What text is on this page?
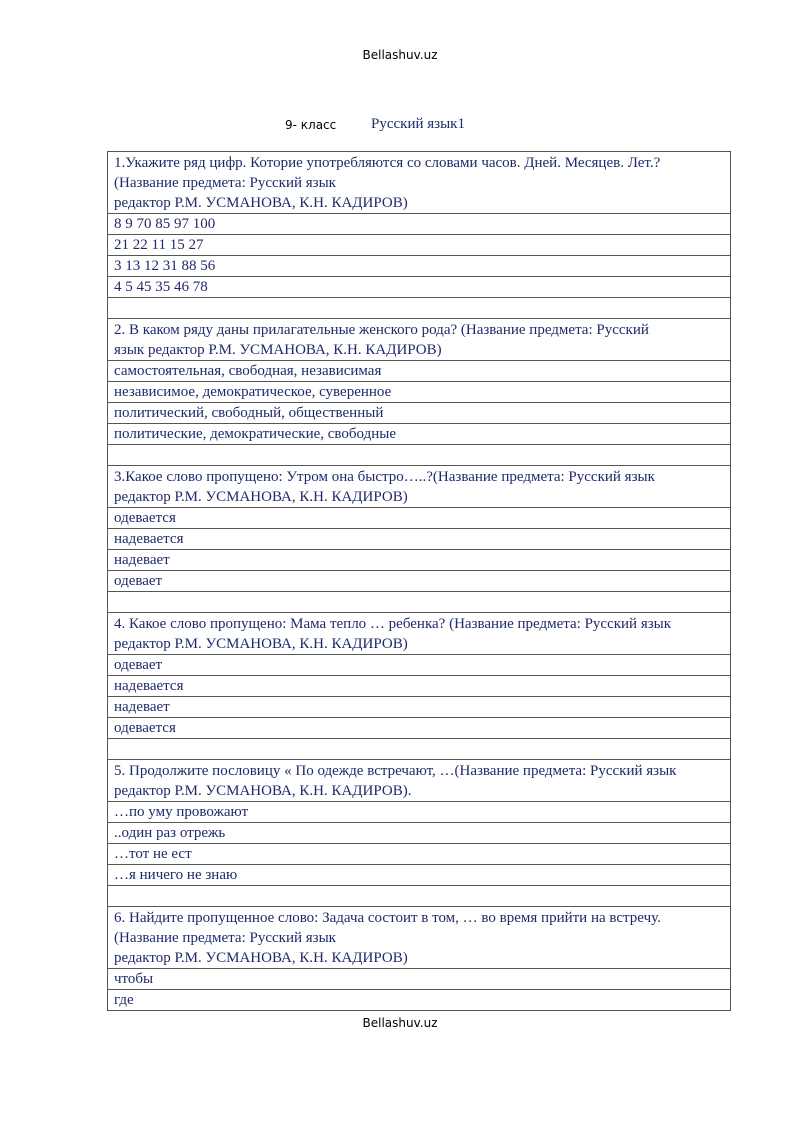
Bellashuv.uz
9- класс Русский язык1
1.Укажите ряд цифр. Которие употребляются со словами часов. Дней. Месяцев. Лет.?
(Название предмета: Русский язык
редактор Р.М. УСМАНОВА, К.Н. КАДИРОВ)

8 9 70 85 97 100
21 22 11 15 27
3 13 12 31 88 56
4 5 45 35 46 78

2. В каком ряду даны прилагательные женского рода? (Название предмета: Русский
язык редактор Р.М. УСМАНОВА, К.Н. КАДИРОВ)

самостоятельная, свободная, независимая
независимое, демократическое, суверенное
политический, свободный, общественный
политические, демократические, свободные

3.Какое слово пропущено: Утром она быстро…..?(Название предмета: Русский язык
редактор Р.М. УСМАНОВА, К.Н. КАДИРОВ)

одевается
надевается
надевает
одевает

4. Какое слово пропущено: Мама тепло … ребенка? (Название предмета: Русский язык
редактор Р.М. УСМАНОВА, К.Н. КАДИРОВ)

одевает
надевается
надевает
одевается

5. Продолжите пословицу « По одежде встречают, …(Название предмета: Русский язык
редактор Р.М. УСМАНОВА, К.Н. КАДИРОВ).

…по уму провожают
..один раз отрежь
…тот не ест
…я ничего не знаю

6. Найдите пропущенное слово: Задача состоит в том, … во время прийти на встречу.
(Название предмета: Русский язык
редактор Р.М. УСМАНОВА, К.Н. КАДИРОВ)

чтобы
где
Bellashuv.uz
